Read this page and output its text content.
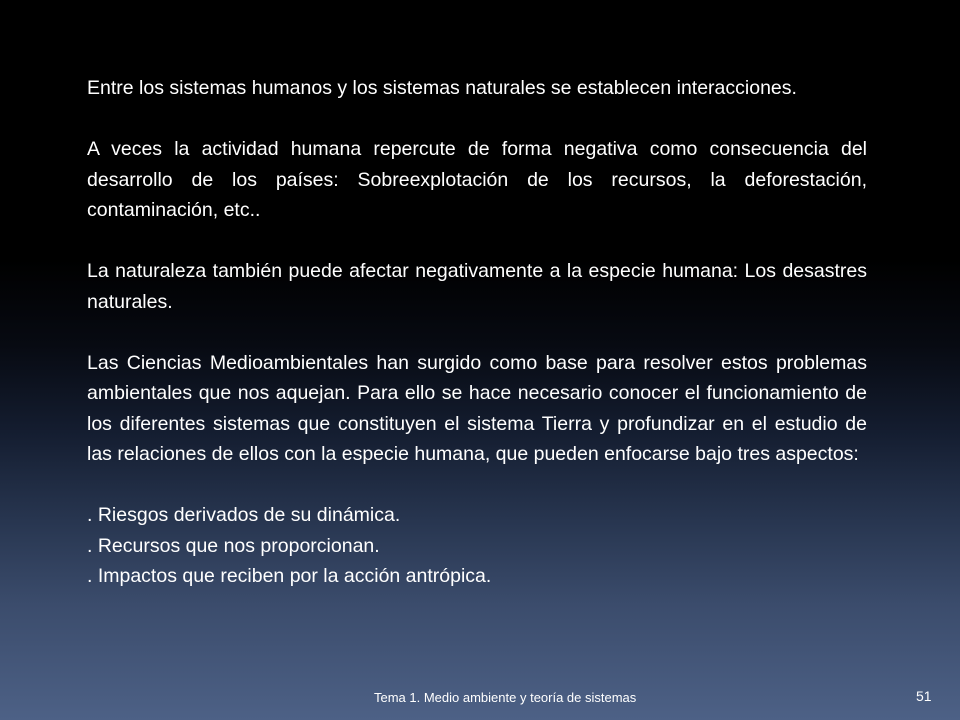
Entre los sistemas humanos y los sistemas naturales se establecen interacciones.

A veces la actividad humana repercute de forma negativa como consecuencia del desarrollo de los países: Sobreexplotación de los recursos, la deforestación, contaminación, etc..

La naturaleza también puede afectar negativamente a la especie humana: Los desastres naturales.

Las Ciencias Medioambientales han surgido como base para resolver estos problemas ambientales que nos aquejan. Para ello se hace necesario conocer el funcionamiento de los diferentes sistemas que constituyen el sistema Tierra y profundizar en el estudio de las relaciones de ellos con la especie humana, que pueden enfocarse bajo tres aspectos:

. Riesgos derivados de su dinámica.
. Recursos que nos proporcionan.
. Impactos que reciben por la acción antrópica.
Tema 1. Medio ambiente y teoría de sistemas	51
